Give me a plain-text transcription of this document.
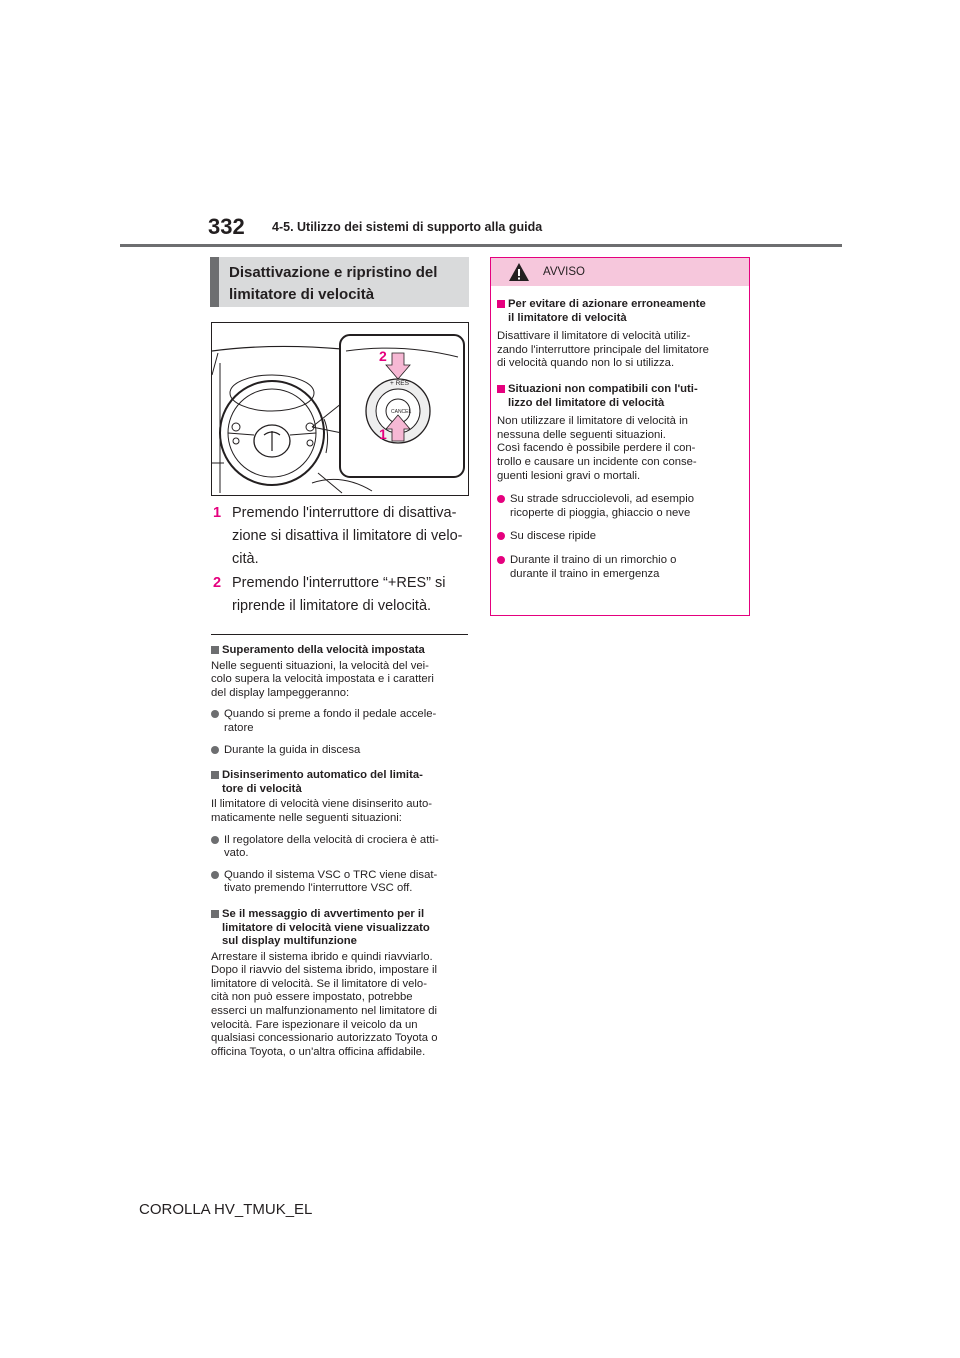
332 4-5. Utilizzo dei sistemi di supporto alla guida
Disattivazione e ripristino del
limitatore di velocità
+ RES
CANCEL
2
1
1 Premendo l'interruttore di disattiva-
zione si disattiva il limitatore di velo-
cità.
2 Premendo l'interruttore “+RES” si
riprende il limitatore di velocità.
Superamento della velocità impostata
Nelle seguenti situazioni, la velocità del vei-
colo supera la velocità impostata e i caratteri
del display lampeggeranno:
Quando si preme a fondo il pedale accele-
ratore
Durante la guida in discesa
Disinserimento automatico del limita-
tore di velocità
Il limitatore di velocità viene disinserito auto-
maticamente nelle seguenti situazioni:
Il regolatore della velocità di crociera è atti-
vato.
Quando il sistema VSC o TRC viene disat-
tivato premendo l'interruttore VSC off.
Se il messaggio di avvertimento per il
limitatore di velocità viene visualizzato
sul display multifunzione
Arrestare il sistema ibrido e quindi riavviarlo.
Dopo il riavvio del sistema ibrido, impostare il
limitatore di velocità. Se il limitatore di velo-
cità non può essere impostato, potrebbe
esserci un malfunzionamento nel limitatore di
velocità. Fare ispezionare il veicolo da un
qualsiasi concessionario autorizzato Toyota o
officina Toyota, o un'altra officina affidabile.
AVVISO
Per evitare di azionare erroneamente
il limitatore di velocità
Disattivare il limitatore di velocità utiliz-
zando l'interruttore principale del limitatore
di velocità quando non lo si utilizza.
Situazioni non compatibili con l'uti-
lizzo del limitatore di velocità
Non utilizzare il limitatore di velocità in
nessuna delle seguenti situazioni.
Così facendo è possibile perdere il con-
trollo e causare un incidente con conse-
guenti lesioni gravi o mortali.
Su strade sdrucciolevoli, ad esempio
ricoperte di pioggia, ghiaccio o neve
Su discese ripide
Durante il traino di un rimorchio o
durante il traino in emergenza
COROLLA HV_TMUK_EL
